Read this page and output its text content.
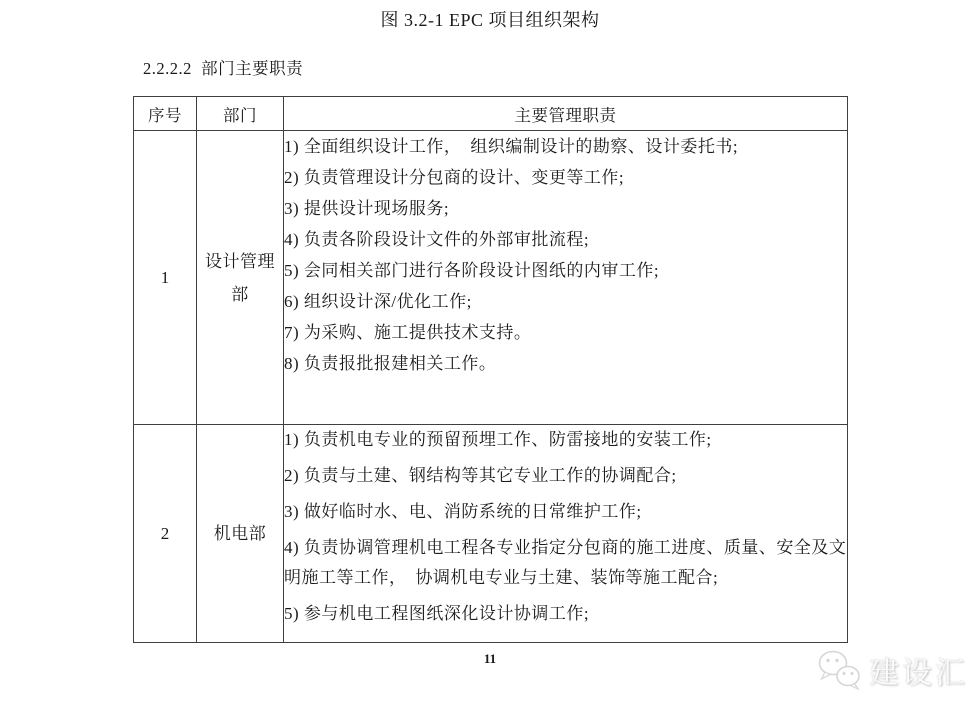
图 3.2-1 EPC 项目组织架构
2.2.2.2  部门主要职责
序号	部门	主要管理职责
1	设计管理部	
1) 全面组织设计工作，　组织编制设计的勘察、设计委托书;
2) 负责管理设计分包商的设计、变更等工作;
3) 提供设计现场服务;
4) 负责各阶段设计文件的外部审批流程;
5) 会同相关部门进行各阶段设计图纸的内审工作;
6) 组织设计深/优化工作;
7) 为采购、施工提供技术支持。
8) 负责报批报建相关工作。

2	机电部	1) 负责机电专业的预留预埋工作、防雷接地的安装工作;
2) 负责与土建、钢结构等其它专业工作的协调配合;
3) 做好临时水、电、消防系统的日常维护工作;
4) 负责协调管理机电工程各专业指定分包商的施工进度、质量、安全及文明施工等工作，　协调机电专业与土建、装饰等施工配合;
5) 参与机电工程图纸深化设计协调工作;
11	建设汇
